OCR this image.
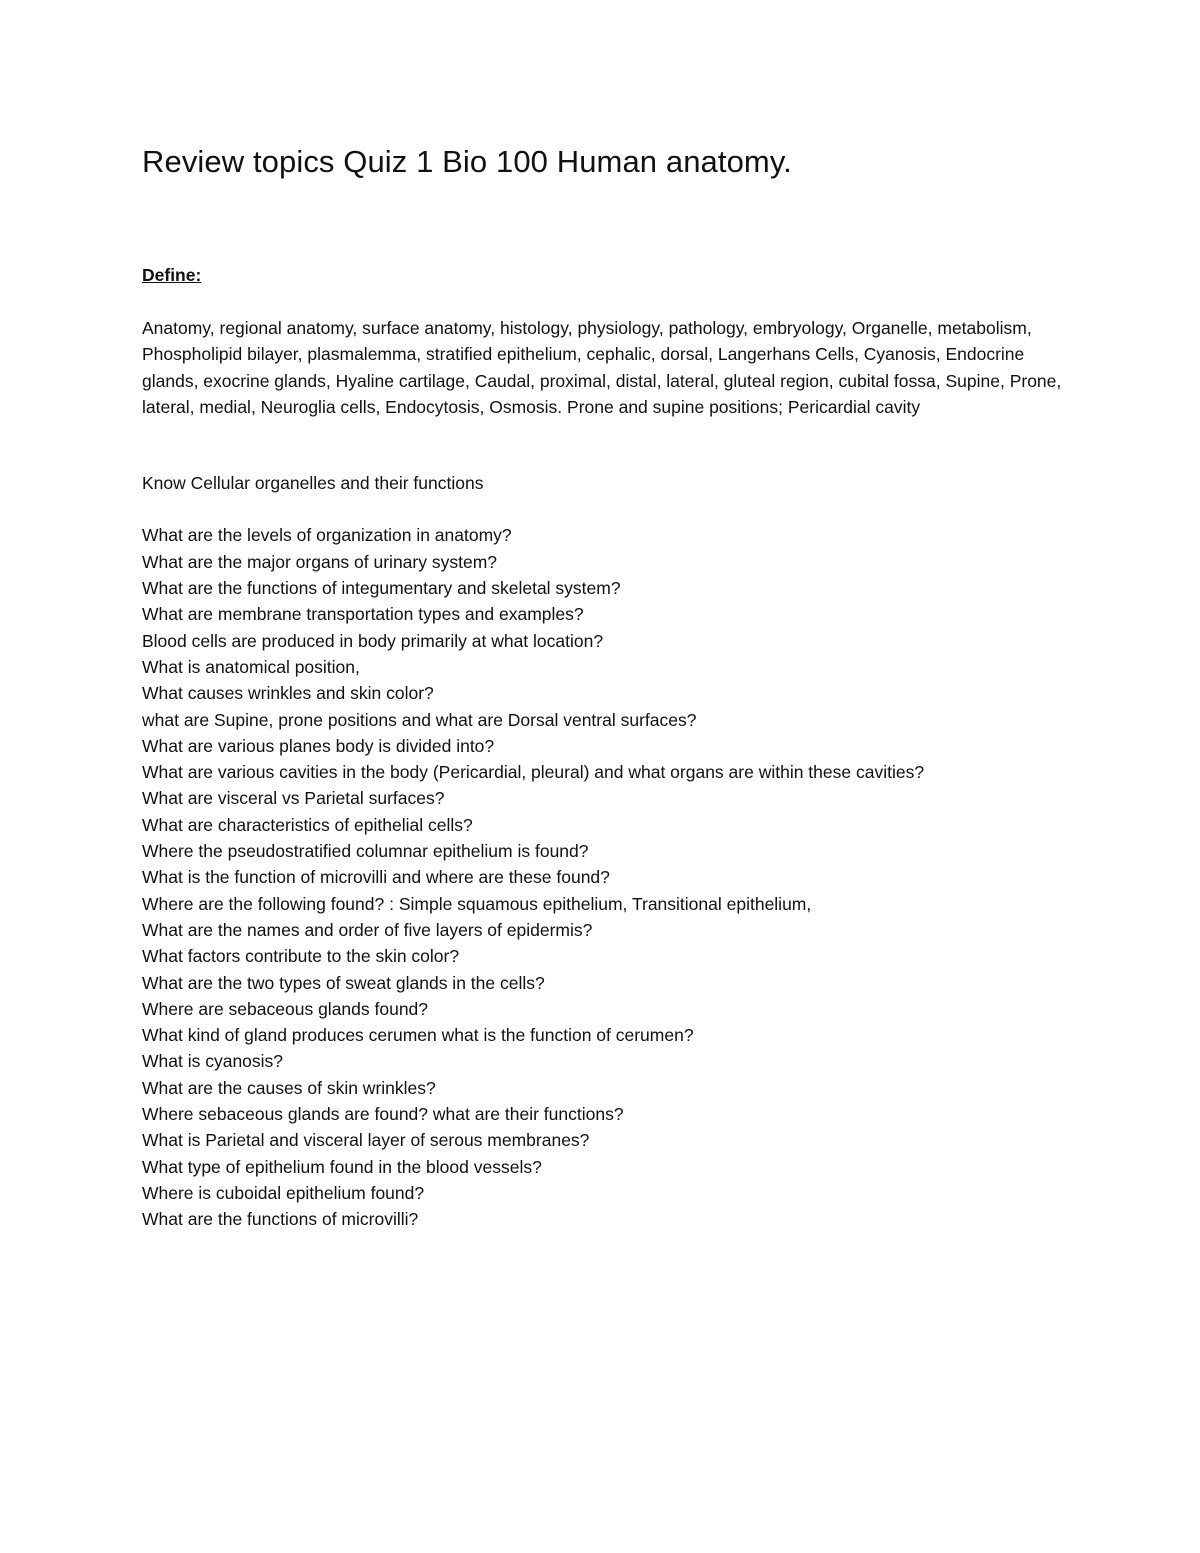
Review topics Quiz 1 Bio 100 Human anatomy.
Define:

Anatomy, regional anatomy, surface anatomy, histology, physiology, pathology, embryology, Organelle, metabolism, Phospholipid bilayer, plasmalemma, stratified epithelium, cephalic, dorsal, Langerhans Cells, Cyanosis, Endocrine glands, exocrine glands, Hyaline cartilage, Caudal, proximal, distal, lateral, gluteal region, cubital fossa, Supine, Prone, lateral, medial, Neuroglia cells, Endocytosis, Osmosis. Prone and supine positions; Pericardial cavity

Know Cellular organelles and their functions

What are the levels of organization in anatomy?
What are the major organs of urinary system?
What are the functions of integumentary and skeletal system?
What are membrane transportation types and examples?
Blood cells are produced in body primarily at what location?
What is anatomical position,
What causes wrinkles and skin color?
what are Supine, prone positions and what are Dorsal ventral surfaces?
What are various planes body is divided into?
What are various cavities in the body (Pericardial, pleural) and what organs are within these cavities?
What are visceral vs Parietal surfaces?
What are characteristics of epithelial cells?
Where the pseudostratified columnar epithelium is found?
What is the function of microvilli and where are these found?
Where are the following found? : Simple squamous epithelium, Transitional epithelium,
What are the names and order of five layers of epidermis?
What factors contribute to the skin color?
What are the two types of sweat glands in the cells?
Where are sebaceous glands found?
What kind of gland produces cerumen what is the function of cerumen?
What is cyanosis?
What are the causes of skin wrinkles?
Where sebaceous glands are found? what are their functions?
What is Parietal and visceral layer of serous membranes?
What type of epithelium found in the blood vessels?
Where is cuboidal epithelium found?
What are the functions of microvilli?
